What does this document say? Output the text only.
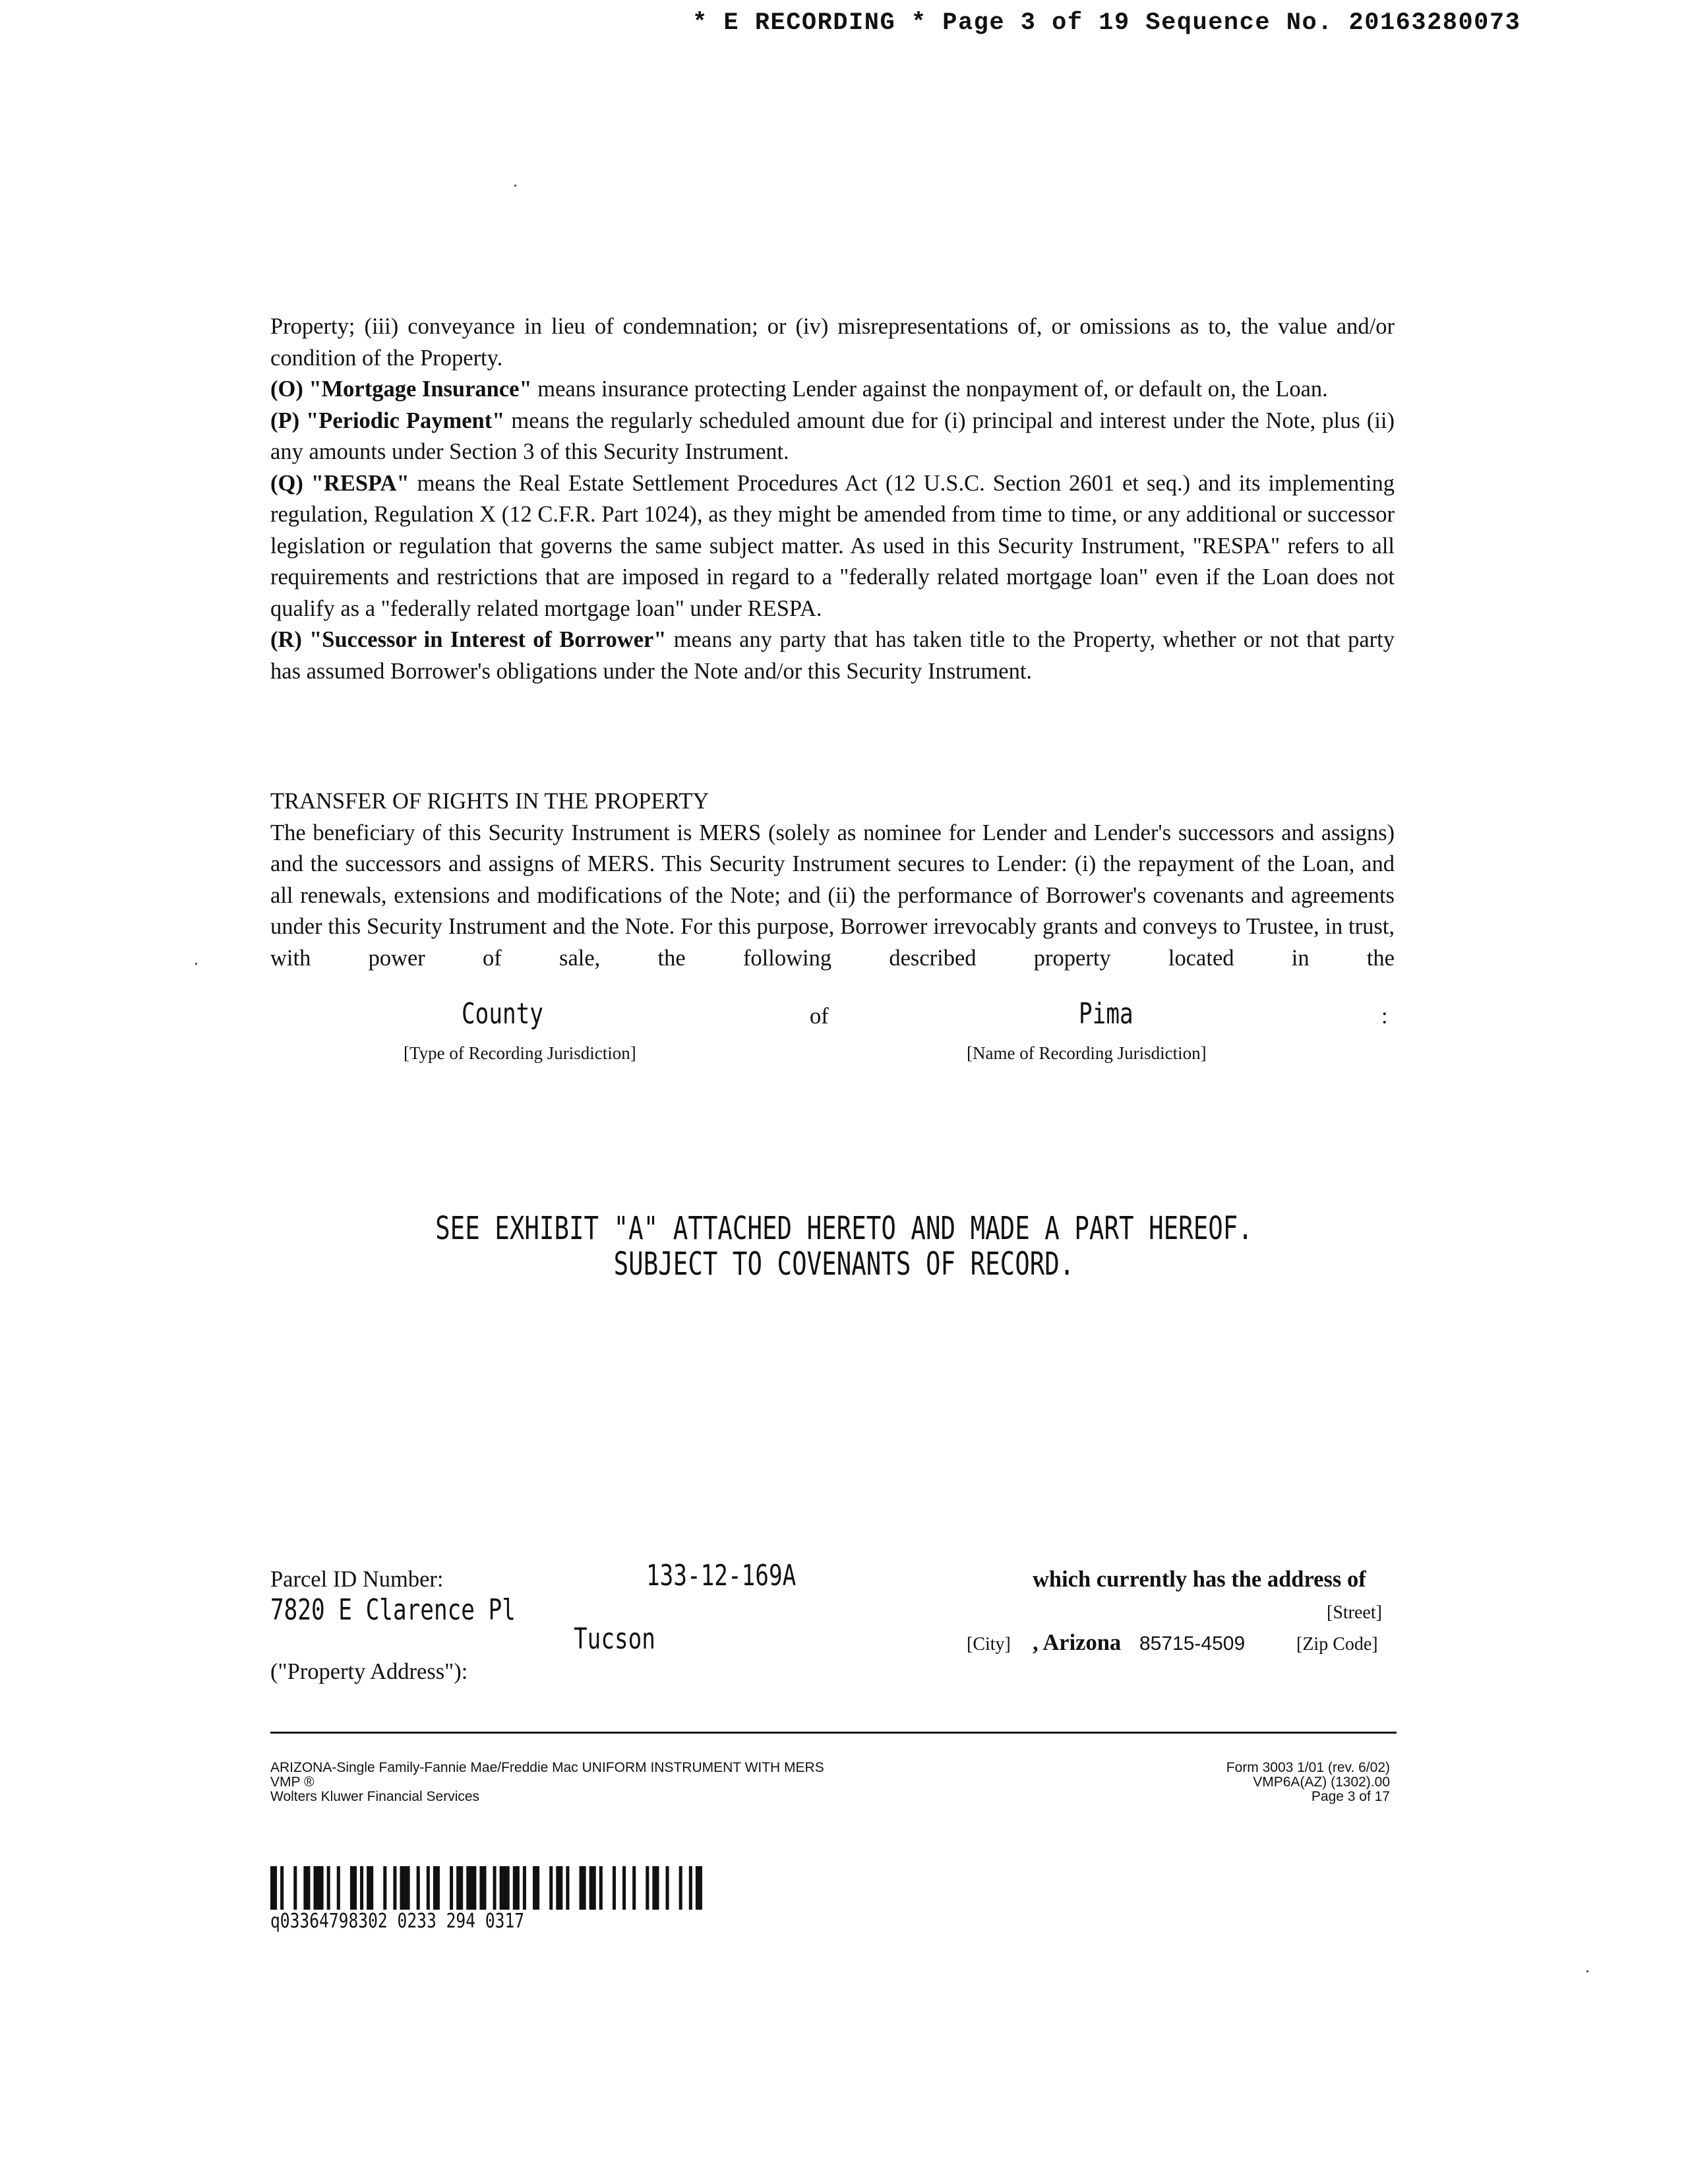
* E RECORDING * Page 3 of 19 Sequence No. 20163280073

Property; (iii) conveyance in lieu of condemnation; or (iv) misrepresentations of, or omissions as to, the value and/or condition of the Property.

(O) "Mortgage Insurance" means insurance protecting Lender against the nonpayment of, or default on, the Loan.

(P) "Periodic Payment" means the regularly scheduled amount due for (i) principal and interest under the Note, plus (ii) any amounts under Section 3 of this Security Instrument.

(Q) "RESPA" means the Real Estate Settlement Procedures Act (12 U.S.C. Section 2601 et seq.) and its implementing regulation, Regulation X (12 C.F.R. Part 1024), as they might be amended from time to time, or any additional or successor legislation or regulation that governs the same subject matter. As used in this Security Instrument, "RESPA" refers to all requirements and restrictions that are imposed in regard to a "federally related mortgage loan" even if the Loan does not qualify as a "federally related mortgage loan" under RESPA.

(R) "Successor in Interest of Borrower" means any party that has taken title to the Property, whether or not that party has assumed Borrower's obligations under the Note and/or this Security Instrument.

TRANSFER OF RIGHTS IN THE PROPERTY

The beneficiary of this Security Instrument is MERS (solely as nominee for Lender and Lender's successors and assigns) and the successors and assigns of MERS. This Security Instrument secures to Lender: (i) the repayment of the Loan, and all renewals, extensions and modifications of the Note; and (ii) the performance of Borrower's covenants and agreements under this Security Instrument and the Note. For this purpose, Borrower irrevocably grants and conveys to Trustee, in trust, with power of sale, the following described property located in the

County	of	Pima	:
[Type of Recording Jurisdiction]	[Name of Recording Jurisdiction]
SEE EXHIBIT "A" ATTACHED HERETO AND MADE A PART HEREOF.
SUBJECT TO COVENANTS OF RECORD.
Parcel ID Number:	133-12-169A	which currently has the address of
7820 E Clarence Pl	[Street]
Tucson	[City] , Arizona 85715-4509	[Zip Code]
("Property Address"):
ARIZONA-Single Family-Fannie Mae/Freddie Mac UNIFORM INSTRUMENT WITH MERS
VMP ®
Wolters Kluwer Financial Services
Form 3003 1/01 (rev. 6/02)
VMP6A(AZ) (1302).00
Page 3 of 17
q03364798302 0233 294 0317
